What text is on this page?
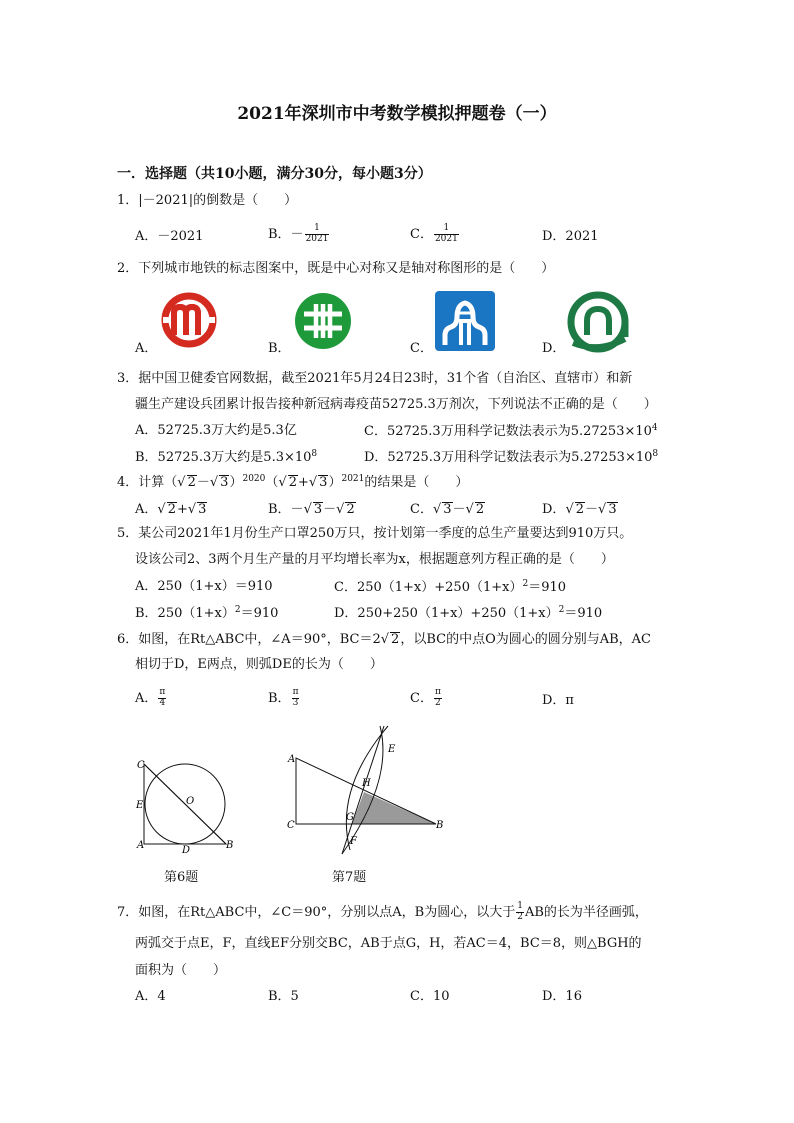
2021年深圳市中考数学模拟押题卷（一）
一．选择题（共10小题，满分30分，每小题3分）
1．|－2021|的倒数是（　　）
A．－2021	B．－ $\frac{1}{2021}$	C． $\frac{1}{2021}$	D．2021
2．下列城市地铁的标志图案中，既是中心对称又是轴对称图形的是（　　）
A．	B．	C．	D．
3．据中国卫健委官网数据，截至2021年5月24日23时，31个省（自治区、直辖市）和新
疆生产建设兵团累计报告接种新冠病毒疫苗52725.3万剂次，下列说法不正确的是（　　）
A．52725.3万大约是5.3亿	C．52725.3万用科学记数法表示为$5.27253\times 10^4$
B．52725.3万大约是$5.3\times 10^8$	D．52725.3万用科学记数法表示为$5.27253\times 10^8$
4．计算（√ 2－√ 3）$^{2020}$（√ 2+√ 3）$^{2021}$的结果是（　　）
A．√ 2+√ 3	B．－√ 3－√ 2	C．√ 3－√ 2	D．√ 2－√ 3
5．某公司2021年1月份生产口罩250万只，按计划第一季度的总生产量要达到910万只。
设该公司2、3两个月生产量的月平均增长率为x，根据题意列方程正确的是（　　）
A．250（1+x）＝910	C．$250(1+x)+250(1+x)^2=910$
B．$250(1+x)^2=910$	D．$250+250(1+x)+250(1+x)^2=910$
6．如图，在Rt△ABC中，∠A＝90°，BC＝2√ 2，以BC的中点O为圆心的圆分别与AB，AC
相切于D，E两点，则弧DE的长为（　　）
A． $\frac{\pi}{4}$	B． $\frac{\pi}{3}$	C． $\frac{\pi}{2}$	D．π
C
E	O
A	D	B
第6题
A
E
H
C
G
F
B
第7题
7．如图，在Rt△ABC中，∠C＝90°，分别以点A，B为圆心，以大于 $\frac{1}{2}$ AB的长为半径画弧，
两弧交于点E，F，直线EF分别交BC，AB于点G，H，若AC＝4，BC＝8，则△BGH的
面积为（　　）
A．4	B．5	C．10	D．16
